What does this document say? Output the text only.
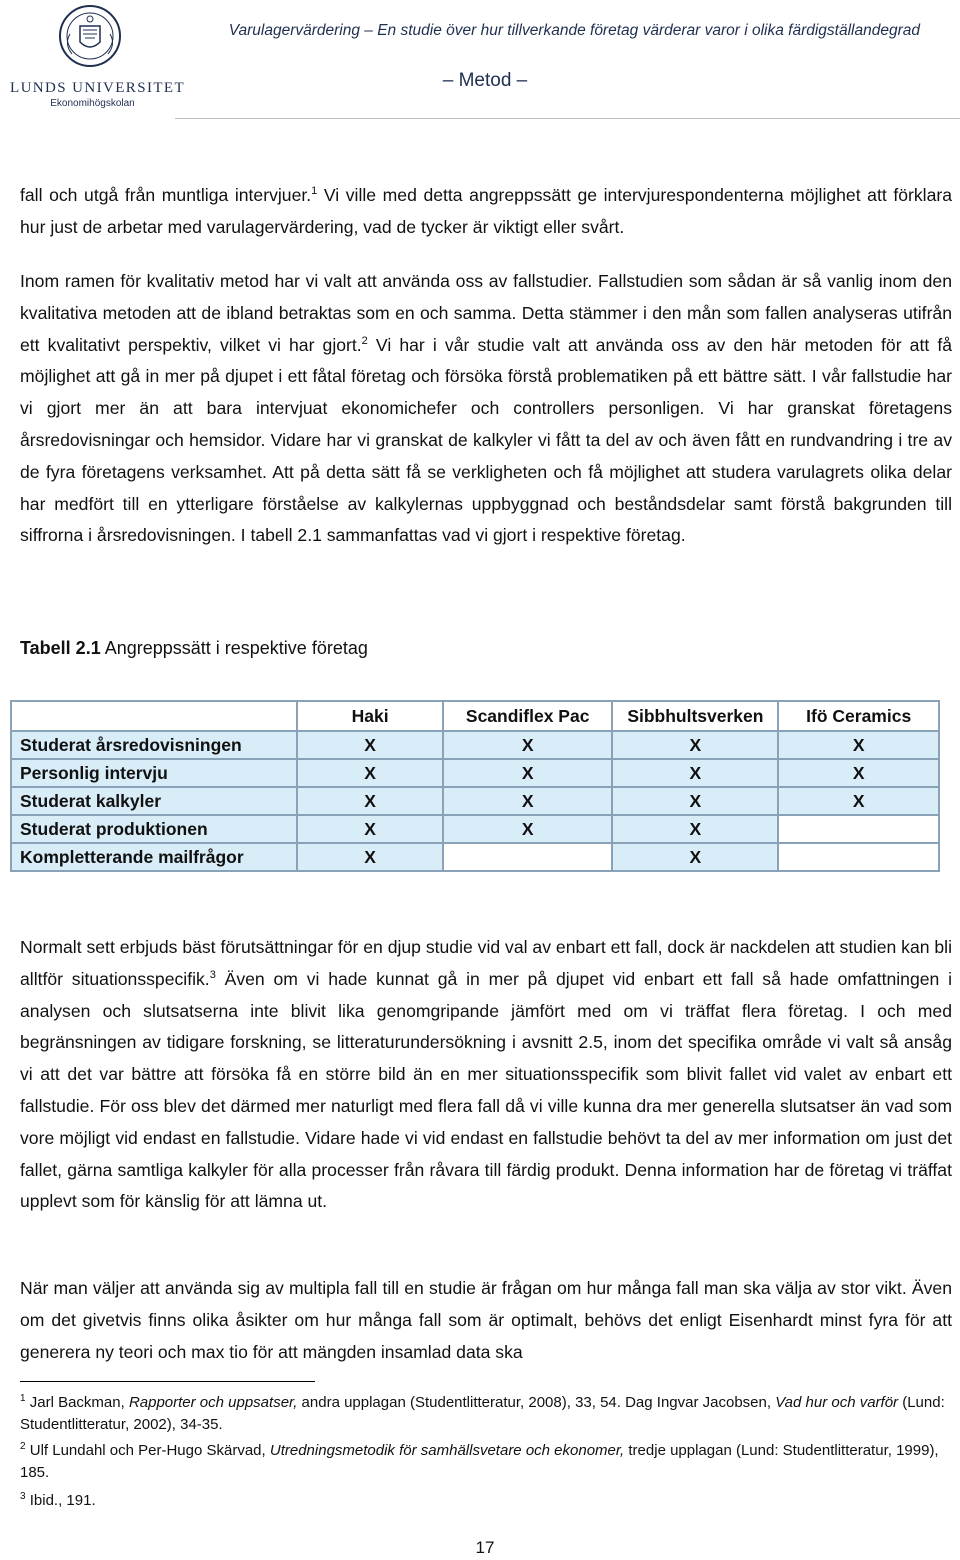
LUNDS UNIVERSITET
Ekonomihögskolan
Varulagervärdering – En studie över hur tillverkande företag värderar varor i olika färdigställandegrad
– Metod –

fall och utgå från muntliga intervjuer.$^1$ Vi ville med detta angreppssätt ge intervjurespondenterna möjlighet att förklara hur just de arbetar med varulagervärdering, vad de tycker är viktigt eller svårt.

Inom ramen för kvalitativ metod har vi valt att använda oss av fallstudier. Fallstudien som sådan är så vanlig inom den kvalitativa metoden att de ibland betraktas som en och samma. Detta stämmer i den mån som fallen analyseras utifrån ett kvalitativt perspektiv, vilket vi har gjort.$^2$ Vi har i vår studie valt att använda oss av den här metoden för att få möjlighet att gå in mer på djupet i ett fåtal företag och försöka förstå problematiken på ett bättre sätt. I vår fallstudie har vi gjort mer än att bara intervjuat ekonomichefer och controllers personligen. Vi har granskat företagens årsredovisningar och hemsidor. Vidare har vi granskat de kalkyler vi fått ta del av och även fått en rundvandring i tre av de fyra företagens verksamhet. Att på detta sätt få se verkligheten och få möjlighet att studera varulagrets olika delar har medfört till en ytterligare förståelse av kalkylernas uppbyggnad och beståndsdelar samt förstå bakgrunden till siffrorna i årsredovisningen. I tabell 2.1 sammanfattas vad vi gjort i respektive företag.

Tabell 2.1 Angreppssätt i respektive företag
	Haki	Scandiflex Pac	Sibbhultsverken	Ifö Ceramics
Studerat årsredovisningen	X	X	X	X
Personlig intervju	X	X	X	X
Studerat kalkyler	X	X	X	X
Studerat produktionen	X	X	X	
Kompletterande mailfrågor	X		X	

Normalt sett erbjuds bäst förutsättningar för en djup studie vid val av enbart ett fall, dock är nackdelen att studien kan bli alltför situationsspecifik.$^3$ Även om vi hade kunnat gå in mer på djupet vid enbart ett fall så hade omfattningen i analysen och slutsatserna inte blivit lika genomgripande jämfört med om vi träffat flera företag. I och med begränsningen av tidigare forskning, se litteraturundersökning i avsnitt 2.5, inom det specifika område vi valt så ansåg vi att det var bättre att försöka få en större bild än en mer situationsspecifik som blivit fallet vid valet av enbart ett fallstudie. För oss blev det därmed mer naturligt med flera fall då vi ville kunna dra mer generella slutsatser än vad som vore möjligt vid endast en fallstudie. Vidare hade vi vid endast en fallstudie behövt ta del av mer information om just det fallet, gärna samtliga kalkyler för alla processer från råvara till färdig produkt. Denna information har de företag vi träffat upplevt som för känslig för att lämna ut.

När man väljer att använda sig av multipla fall till en studie är frågan om hur många fall man ska välja av stor vikt. Även om det givetvis finns olika åsikter om hur många fall som är optimalt, behövs det enligt Eisenhardt minst fyra för att generera ny teori och max tio för att mängden insamlad data ska

$^1$ Jarl Backman, Rapporter och uppsatser, andra upplagan (Studentlitteratur, 2008), 33, 54. Dag Ingvar Jacobsen, Vad hur och varför (Lund: Studentlitteratur, 2002), 34-35.

$^2$ Ulf Lundahl och Per-Hugo Skärvad, Utredningsmetodik för samhällsvetare och ekonomer, tredje upplagan (Lund: Studentlitteratur, 1999), 185.

$^3$ Ibid., 191.

17
